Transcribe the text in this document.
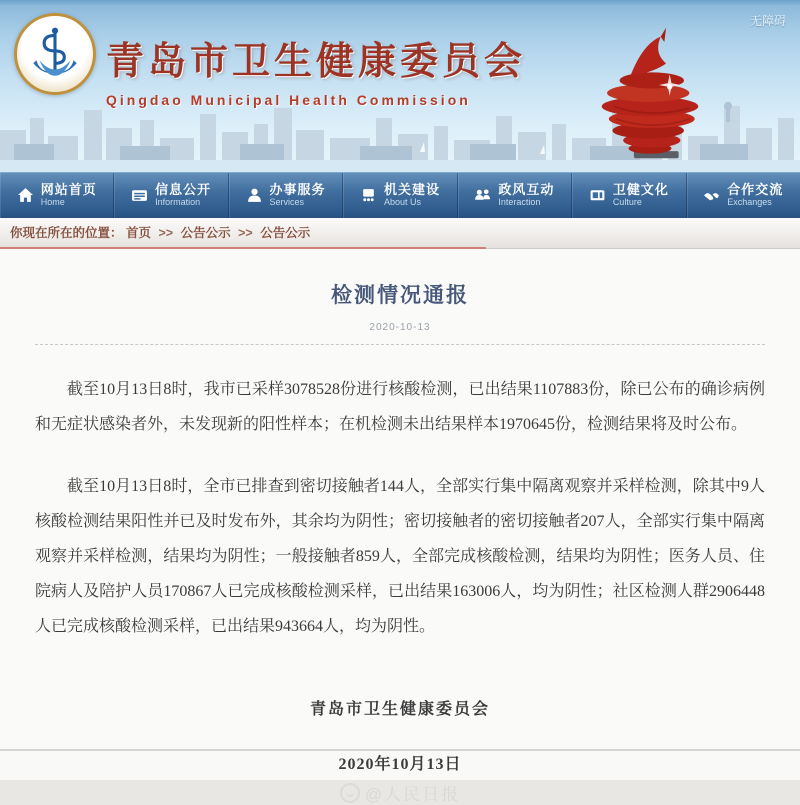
青岛市卫生健康委员会
Qingdao Municipal Health Commission
无障碍
网站首页
Home
信息公开
Information
办事服务
Services
机关建设
About Us
政风互动
Interaction
卫健文化
Culture
合作交流
Exchanges
你现在所在的位置： 首页 >> 公告公示 >> 公告公示
检测情况通报
2020-10-13

截至10月13日8时，我市已采样3078528份进行核酸检测，已出结果1107883份，除已公布的确诊病例和无症状感染者外，未发现新的阳性样本；在机检测未出结果样本1970645份，检测结果将及时公布。

截至10月13日8时，全市已排查到密切接触者144人，全部实行集中隔离观察并采样检测，除其中9人核酸检测结果阳性并已及时发布外，其余均为阴性；密切接触者的密切接触者207人，全部实行集中隔离观察并采样检测，结果均为阴性；一般接触者859人，全部完成核酸检测，结果均为阴性；医务人员、住院病人及陪护人员170867人已完成核酸检测采样，已出结果163006人，均为阴性；社区检测人群2906448人已完成核酸检测采样，已出结果943664人，均为阴性。

青岛市卫生健康委员会
2020年10月13日
@人民日报
